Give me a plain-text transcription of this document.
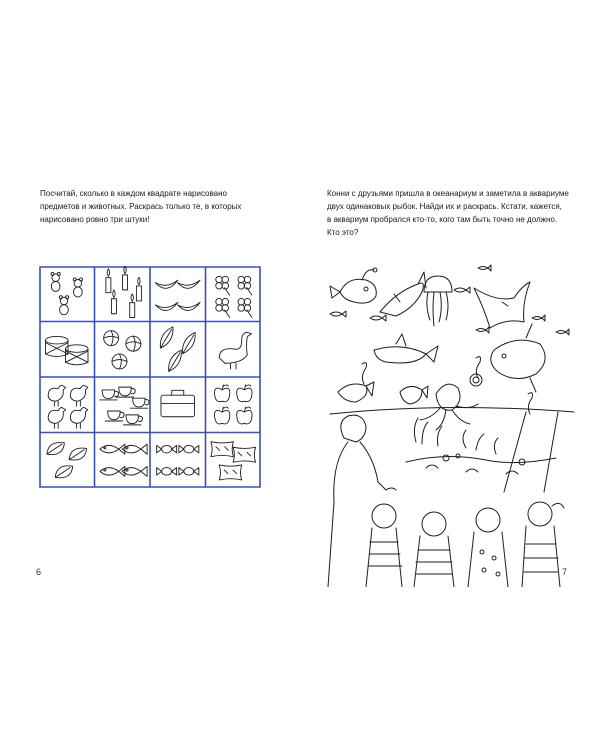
Посчитай, сколько в каждом квадрате нарисовано
предметов и животных. Раскрась только те, в которых
нарисовано ровно три штуки!
6
Конни с друзьями пришла в океанариум и заметила в аквариуме
двух одинаковых рыбок. Найди их и раскрась. Кстати, кажется,
в аквариум пробрался кто-то, кого там быть точно не должно.
Кто это?
7
